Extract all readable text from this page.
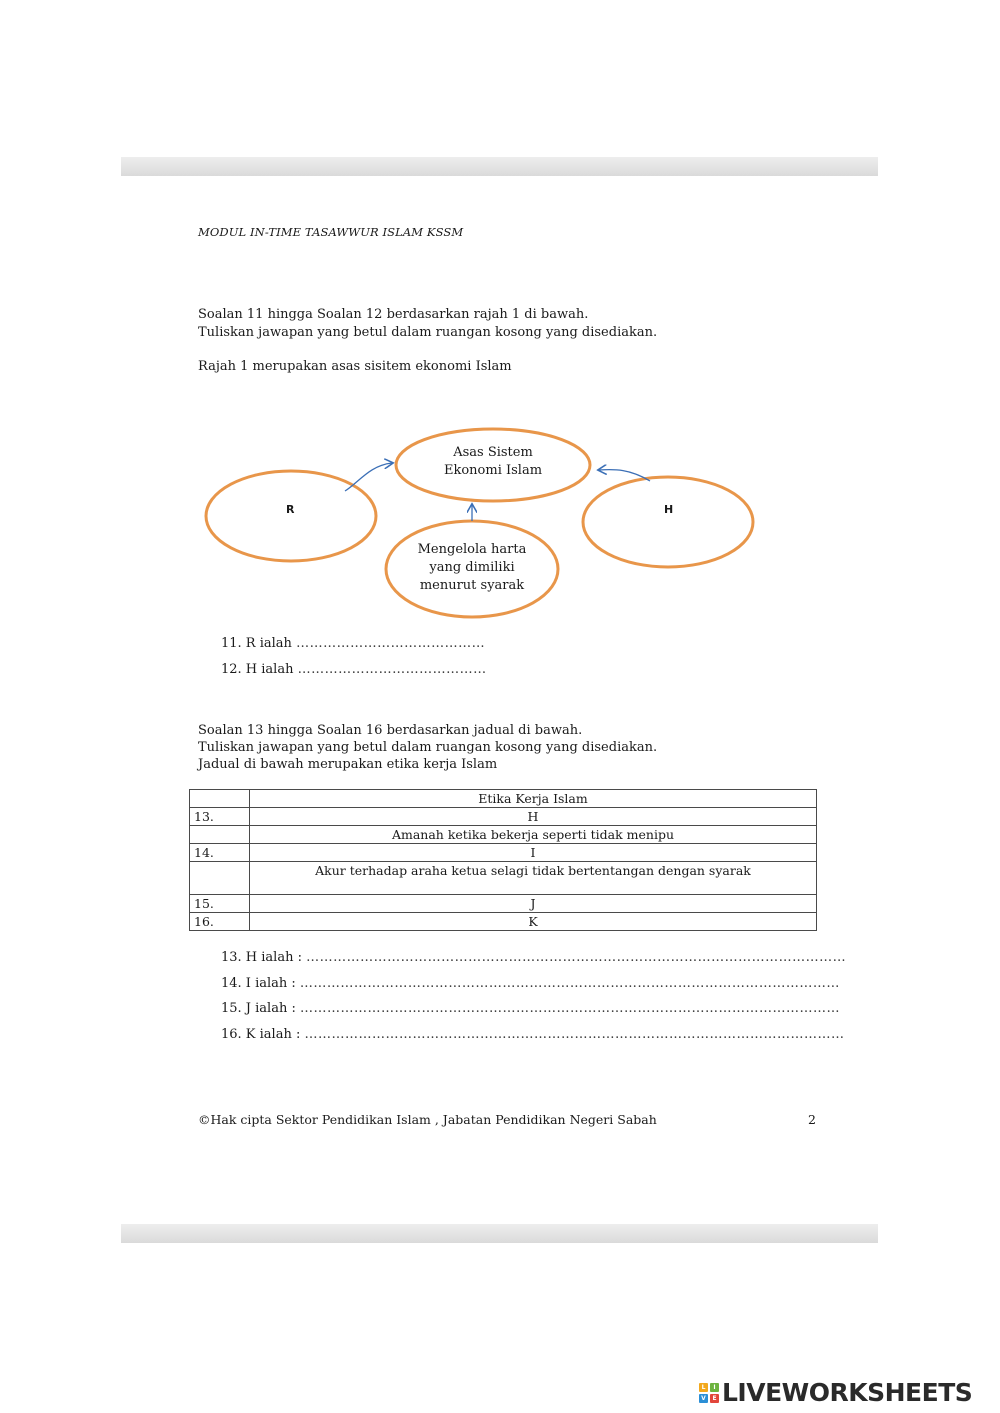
MODUL IN-TIME TASAWWUR ISLAM KSSM
Soalan 11 hingga Soalan 12 berdasarkan rajah 1 di bawah.
Tuliskan jawapan yang betul dalam ruangan kosong yang disediakan.
Rajah 1 merupakan asas sisitem ekonomi Islam
Asas Sistem
Ekonomi Islam
R	H
Mengelola harta
yang dimiliki
menurut syarak
11. R ialah ……………………………………
12. H ialah ……………………………………
Soalan 13 hingga Soalan 16 berdasarkan jadual di bawah.
Tuliskan jawapan yang betul dalam ruangan kosong yang disediakan.
Jadual di bawah merupakan etika kerja Islam
	Etika Kerja Islam
13.	H
	Amanah ketika bekerja seperti tidak menipu
14.	I
	Akur terhadap araha ketua selagi tidak bertentangan dengan syarak
15.	J
16.	K
13. H ialah : …………………………………………………………………………………………………………
14. I ialah : …………………………………………………………………………………………………………
15. J ialah : …………………………………………………………………………………………………………
16. K ialah : …………………………………………………………………………………………………………
©Hak cipta Sektor Pendidikan Islam , Jabatan Pendidikan Negeri Sabah	2
L	I
V	E LIVEWORKSHEETS
